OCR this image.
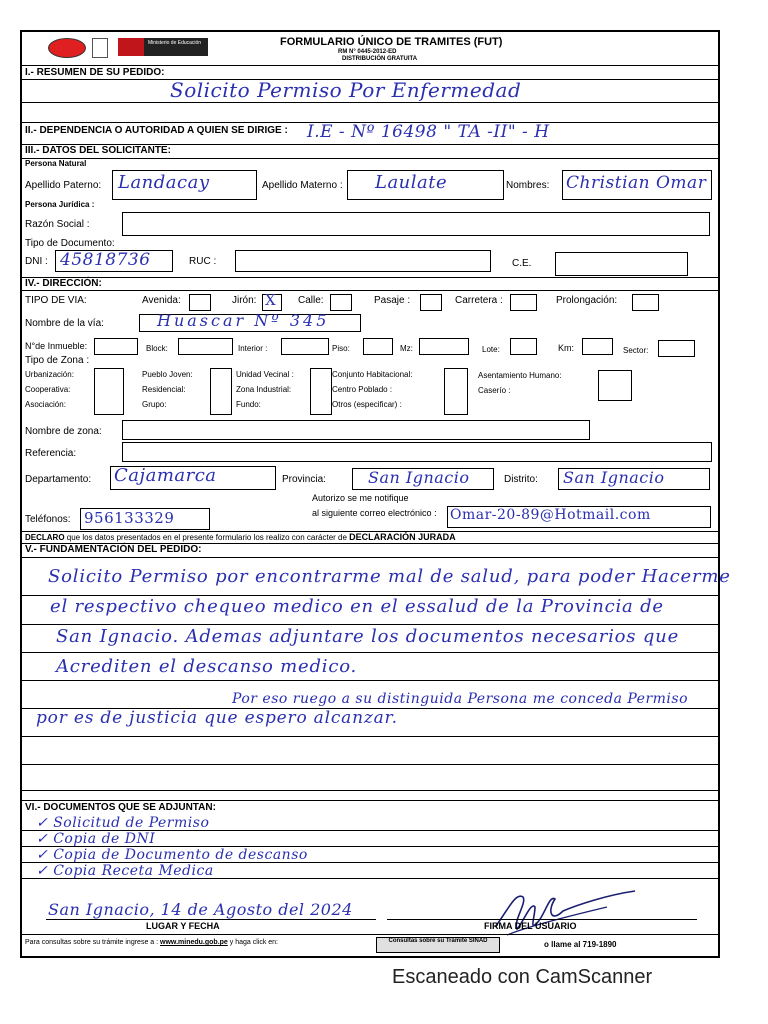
Ministerio de Educación	FORMULARIO ÚNICO DE TRAMITES (FUT)
RM N° 0445-2012-ED
DISTRIBUCIÓN GRATUITA
I.- RESUMEN DE SU PEDIDO:
Solicito Permiso Por Enfermedad
II.- DEPENDENCIA O AUTORIDAD A QUIEN SE DIRIGE : I.E - Nº 16498 " TA -II" - H
III.- DATOS DEL SOLICITANTE:
Persona Natural
Apellido Paterno: Landacay	Apellido Materno : Laulate	Nombres: Christian Omar
Persona Jurídica :
Razón Social :
Tipo de Documento:
DNI : 45818736	RUC :	C.E.
IV.- DIRECCIÓN:
TIPO DE VIA:	Avenida:	Jirón: X Calle:	Pasaje :	Carretera :	Prolongación:
Nombre de la vía:	Huascar Nº 345
N°de Inmueble:	Block:	Interior :	Piso:	Mz:	Lote:	Km:	Sector:
Tipo de Zona :
Urbanización:
Cooperativa:
Asociación:
Pueblo Joven:
Residencial:
Grupo:
Unidad Vecinal :
Zona Industrial:
Fundo:
Conjunto Habitacional:
Centro Poblado :
Otros (especificar) :
Asentamiento Humano:
Caserío :
Nombre de zona:
Referencia:
Departamento: Cajamarca	Provincia:	San Ignacio	Distrito: San Ignacio
Autorizo se me notifique
al siguiente correo electrónico : Omar-20-89@Hotmail.com
Teléfonos: 956133329
DECLARO que los datos presentados en el presente formulario los realizo con carácter de DECLARACIÓN JURADA
V.- FUNDAMENTACIÓN DEL PEDIDO:
Solicito Permiso por encontrarme mal de salud, para poder Hacerme
el respectivo chequeo medico en el essalud de la Provincia de
San Ignacio. Ademas adjuntare los documentos necesarios que
Acrediten el descanso medico.
Por eso ruego a su distinguida Persona me conceda Permiso
por es de justicia que espero alcanzar.
VI.- DOCUMENTOS QUE SE ADJUNTAN:
✓ Solicitud de Permiso
✓ Copia de DNI
✓ Copia de Documento de descanso
✓ Copia Receta Medica
San Ignacio, 14 de Agosto del 2024
LUGAR Y FECHA	FIRMA DEL USUARIO
Para consultas sobre su trámite ingrese a : www.minedu.gob.pe y haga click en:	Consultas sobre su Trámite SINAD	o llame al 719-1890
Escaneado con CamScanner
